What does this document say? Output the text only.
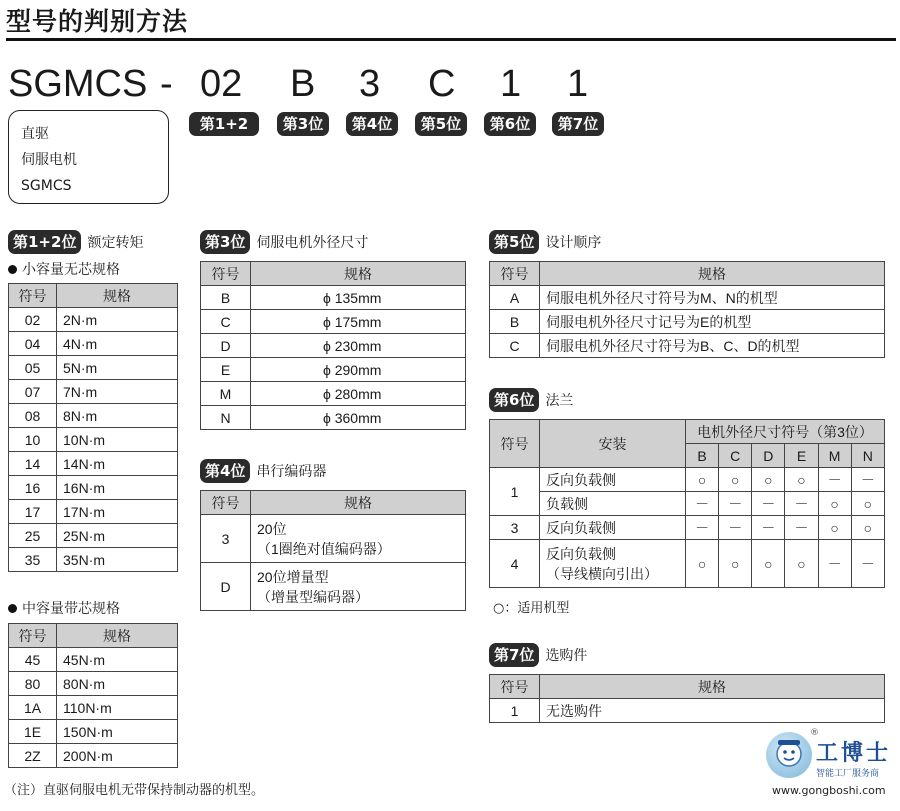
型号的判别方法
SGMCS - 02 B 3 C 1 1
第1+2位
第3位	第4位	第5位	第6位	第7位
直驱
伺服电机
SGMCS
第1+2位 额定转矩
小容量无芯规格
符号	规格
02	2N·m
04	4N·m
05	5N·m
07	7N·m
08	8N·m
10	10N·m
14	14N·m
16	16N·m
17	17N·m
25	25N·m
35	35N·m
中容量带芯规格
符号	规格
45	45N·m
80	80N·m
1A	110N·m
1E	150N·m
2Z	200N·m
第3位 伺服电机外径尺寸
符号	规格
B	ϕ 135mm
C	ϕ 175mm
D	ϕ 230mm
E	ϕ 290mm
M	ϕ 280mm
N	ϕ 360mm
第4位 串行编码器
符号	规格
3	20位
（1圈绝对值编码器）

D	20位增量型
（增量型编码器）
第5位 设计顺序
符号	规格
A	伺服电机外径尺寸符号为M、N的机型
B	伺服电机外径尺寸记号为E的机型
C	伺服电机外径尺寸符号为B、C、D的机型
第6位 法兰
符号	安装	电机外径尺寸符号（第3位）					
		B	C	D	E	M	N
1	反向负载侧	○	○	○	○	－	－
	负载侧	－	－	－	－	○	○
3	反向负载侧	－	－	－	－	○	○
4	反向负载侧
（导线横向引出）	○	○	○	○	－	－
○：适用机型
第7位 选购件
符号	规格
1	无选购件
（注）直驱伺服电机无带保持制动器的机型。
®
工博士
智能工厂服务商
www.gongboshi.com
